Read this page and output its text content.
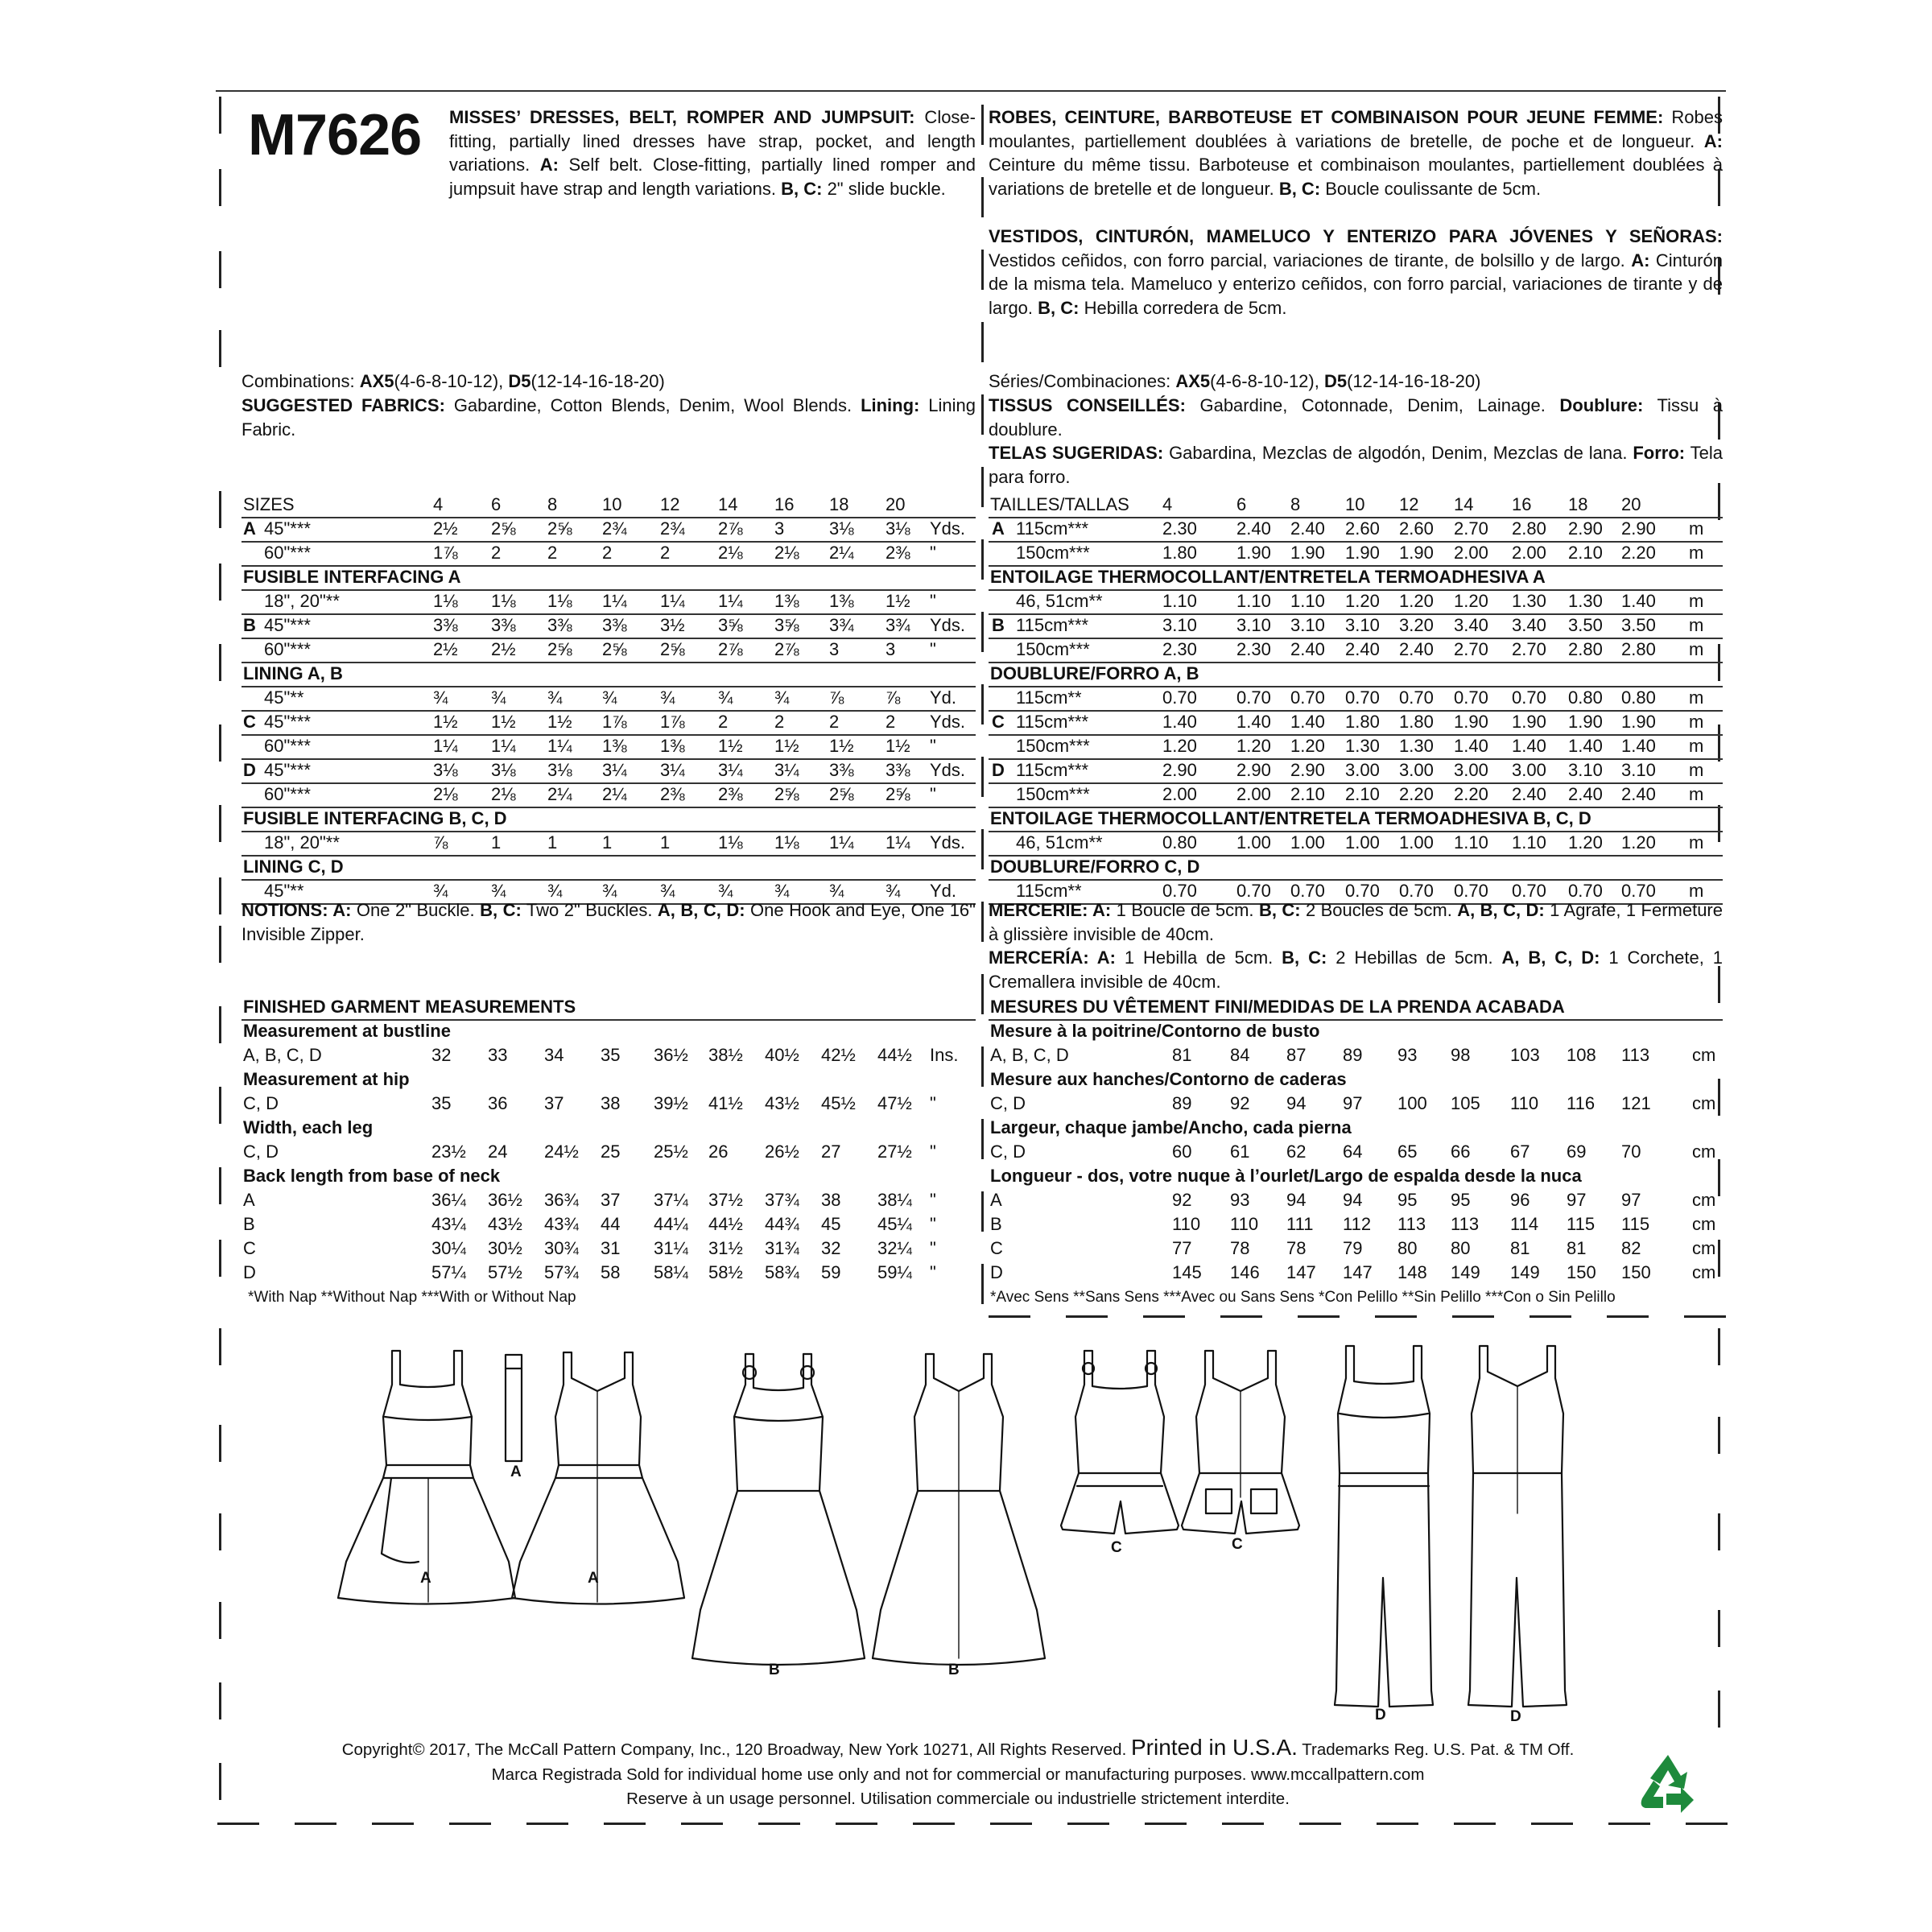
M7626 MISSES’ DRESSES, BELT, ROMPER AND JUMPSUIT: Close-fitting, partially lined dresses have strap, pocket, and length variations. A: Self belt. Close-fitting, partially lined romper and jumpsuit have strap and length variations. B, C: 2" slide buckle.
ROBES, CEINTURE, BARBOTEUSE ET COMBINAISON POUR JEUNE FEMME: Robes moulantes, partiellement doublées à variations de bretelle, de poche et de longueur. A: Ceinture du même tissu. Barboteuse et combinaison moulantes, partiellement doublées à variations de bretelle et de longueur. B, C: Boucle coulissante de 5cm.
VESTIDOS, CINTURÓN, MAMELUCO Y ENTERIZO PARA JÓVENES Y SEÑORAS: Vestidos ceñidos, con forro parcial, variaciones de tirante, de bolsillo y de largo. A: Cinturón de la misma tela. Mameluco y enterizo ceñidos, con forro parcial, variaciones de tirante y de largo. B, C: Hebilla corredera de 5cm.
Combinations: AX5(4-6-8-10-12), D5(12-14-16-18-20)	Séries/Combinaciones: AX5(4-6-8-10-12), D5(12-14-16-18-20)
SUGGESTED FABRICS: Gabardine, Cotton Blends, Denim, Wool Blends. Lining: Lining Fabric.
TISSUS CONSEILLÉS: Gabardine, Cotonnade, Denim, Lainage. Doublure: Tissu à doublure.
TELAS SUGERIDAS: Gabardina, Mezclas de algodón, Denim, Mezclas de lana. Forro: Tela para forro.
SIZES	4	6	8	10 12 14 16 18 20
A 45"***	2½ 2⅝ 2⅝ 2¾ 2¾ 2⅞ 3	3⅛ 3⅛ Yds.
60"***	1⅞ 2	2	2	2	2⅛ 2⅛ 2¼ 2⅜ "
FUSIBLE INTERFACING A
18", 20"**	1⅛ 1⅛ 1⅛ 1¼ 1¼ 1¼ 1⅜ 1⅜ 1½ "
B 45"***	3⅜ 3⅜ 3⅜ 3⅜ 3½ 3⅝ 3⅝ 3¾ 3¾ Yds.
60"***	2½ 2½ 2⅝ 2⅝ 2⅝ 2⅞ 2⅞ 3	3 "
LINING A, B
45"**	¾ ¾ ¾ ¾ ¾ ¾ ¾ ⅞ ⅞ Yd.
C 45"***	1½ 1½ 1½ 1⅞ 1⅞ 2	2	2	2 Yds.
60"***	1¼ 1¼ 1¼ 1⅜ 1⅜ 1½ 1½ 1½ 1½ "
D 45"***	3⅛ 3⅛ 3⅛ 3¼ 3¼ 3¼ 3¼ 3⅜ 3⅜ Yds.
60"***	2⅛ 2⅛ 2¼ 2¼ 2⅜ 2⅜ 2⅝ 2⅝ 2⅝ "
FUSIBLE INTERFACING B, C, D
18", 20"**	⅞ 1	1	1	1	1⅛ 1⅛ 1¼ 1¼ Yds.
LINING C, D
45"**	¾ ¾ ¾ ¾ ¾ ¾ ¾ ¾ ¾ Yd.
TAILLES/TALLAS 4	6 8	10 12 14 16 18 20
A 115cm***	2.30 2.40 2.40 2.60 2.60 2.70 2.80 2.90 2.90 m
150cm***	1.80 1.90 1.90 1.90 1.90 2.00 2.00 2.10 2.20 m
ENTOILAGE THERMOCOLLANT/ENTRETELA TERMOADHESIVA A
46, 51cm**	1.10 1.10 1.10 1.20 1.20 1.20 1.30 1.30 1.40 m
B 115cm***	3.10 3.10 3.10 3.10 3.20 3.40 3.40 3.50 3.50 m
150cm***	2.30 2.30 2.40 2.40 2.40 2.70 2.70 2.80 2.80 m
DOUBLURE/FORRO A, B
115cm**	0.70 0.70 0.70 0.70 0.70 0.70 0.70 0.80 0.80 m
C 115cm***	1.40 1.40 1.40 1.80 1.80 1.90 1.90 1.90 1.90 m
150cm***	1.20 1.20 1.20 1.30 1.30 1.40 1.40 1.40 1.40 m
D 115cm***	2.90 2.90 2.90 3.00 3.00 3.00 3.00 3.10 3.10 m
150cm***	2.00 2.00 2.10 2.10 2.20 2.20 2.40 2.40 2.40 m
ENTOILAGE THERMOCOLLANT/ENTRETELA TERMOADHESIVA B, C, D
46, 51cm**	0.80 1.00 1.00 1.00 1.00 1.10 1.10 1.20 1.20 m
DOUBLURE/FORRO C, D
115cm**	0.70 0.70 0.70 0.70 0.70 0.70 0.70 0.70 0.70 m
NOTIONS: A: One 2" Buckle. B, C: Two 2" Buckles. A, B, C, D: One Hook and Eye, One 16" Invisible Zipper.
MERCERIE: A: 1 Boucle de 5cm. B, C: 2 Boucles de 5cm. A, B, C, D: 1 Agrafe, 1 Fermeture à glissière invisible de 40cm.
MERCERÍA: A: 1 Hebilla de 5cm. B, C: 2 Hebillas de 5cm. A, B, C, D: 1 Corchete, 1 Cremallera invisible de 40cm.
FINISHED GARMENT MEASUREMENTS
Measurement at bustline
A, B, C, D	32 33 34 35 36½ 38½ 40½ 42½ 44½ Ins.
Measurement at hip
C, D	35 36 37 38 39½ 41½ 43½ 45½ 47½ "
Width, each leg
C, D	23½ 24 24½ 25 25½ 26 26½ 27 27½ "
Back length from base of neck
A	36¼ 36½ 36¾ 37 37¼ 37½ 37¾ 38 38¼ "
B	43¼ 43½ 43¾ 44 44¼ 44½ 44¾ 45 45¼ "
C	30¼ 30½ 30¾ 31 31¼ 31½ 31¾ 32 32¼ "
D	57¼ 57½ 57¾ 58 58¼ 58½ 58¾ 59 59¼ "
MESURES DU VÊTEMENT FINI/MEDIDAS DE LA PRENDA ACABADA
Mesure à la poitrine/Contorno de busto
A, B, C, D	81 84 87 89 93 98 103 108 113 cm
Mesure aux hanches/Contorno de caderas
C, D	89 92 94 97 100 105 110 116 121 cm
Largeur, chaque jambe/Ancho, cada pierna
C, D	60 61 62 64 65 66 67 69 70	cm
Longueur - dos, votre nuque à l’ourlet/Largo de espalda desde la nuca
A	92 93 94 94 95 95 96 97 97	cm
B	110 110 111 112 113 113 114 115 115 cm
C	77 78 78 79 80 80 81 81 82	cm
D	145 146 147 147 148 149 149 150 150 cm
*With Nap **Without Nap ***With or Without Nap	*Avec Sens **Sans Sens ***Avec ou Sans Sens *Con Pelillo **Sin Pelillo ***Con o Sin Pelillo
A
A	A
B	B
C	C
D	D
Copyright© 2017, The McCall Pattern Company, Inc., 120 Broadway, New York 10271, All Rights Reserved. Printed in U.S.A. Trademarks Reg. U.S. Pat. & TM Off.
Marca Registrada Sold for individual home use only and not for commercial or manufacturing purposes. www.mccallpattern.com
Reserve à un usage personnel. Utilisation commerciale ou industrielle strictement interdite.
